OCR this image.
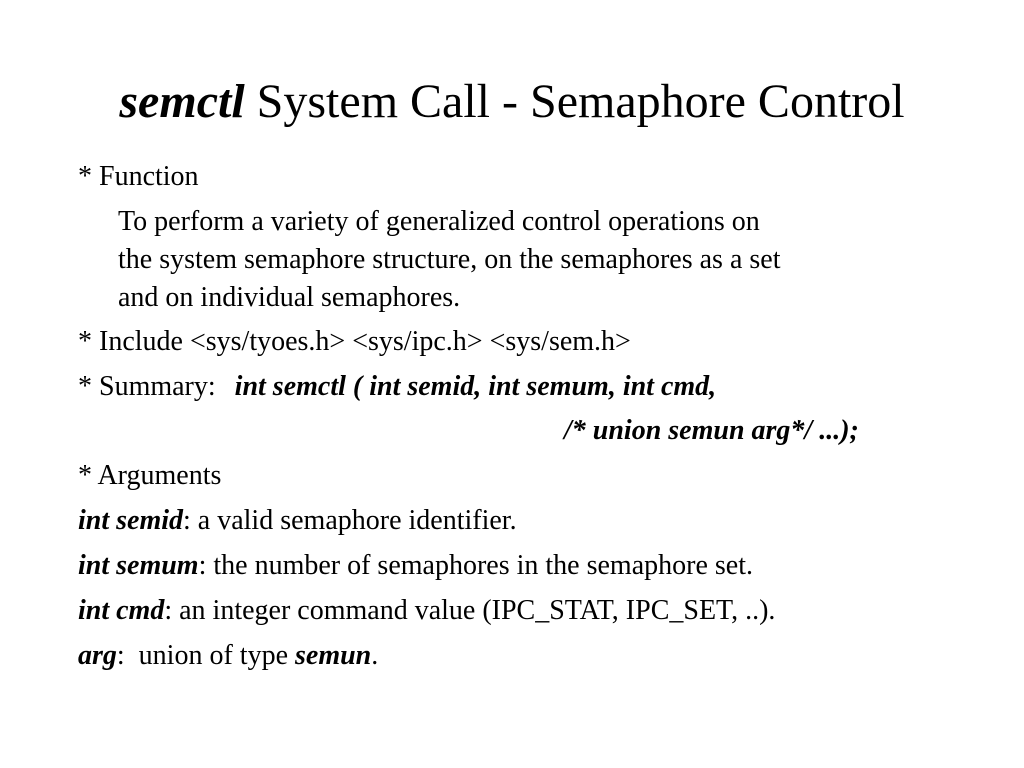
semctl System Call - Semaphore Control
* Function
To perform a variety of generalized control operations on
the system semaphore structure, on the semaphores as a set
and on individual semaphores.
* Include <sys/tyoes.h> <sys/ipc.h> <sys/sem.h>
* Summary: int semctl ( int semid, int semum, int cmd,
/* union semun arg*/ ...);
* Arguments
int semid: a valid semaphore identifier.
int semum: the number of semaphores in the semaphore set.
int cmd: an integer command value (IPC_STAT, IPC_SET, ..).
arg:  union of type semun.
